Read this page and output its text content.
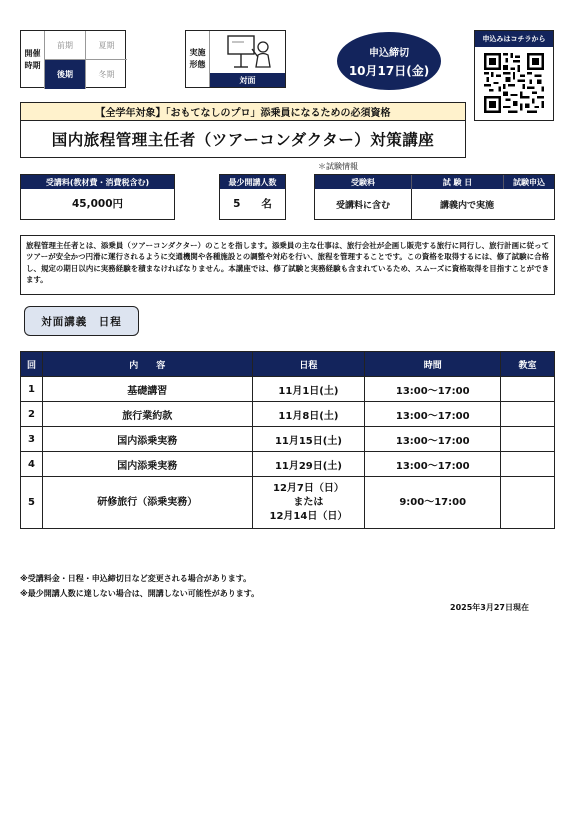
開催時期
前期	夏期
後期	冬期
実施形態
対面
申込締切
10月17日(金)
申込みはコチラから
【全学年対象】「おもてなしのプロ」添乗員になるための必須資格
国内旅程管理主任者（ツアーコンダクター）対策講座
＊試験情報
受講料(教材費・消費税含む)
45,000円
最少開講人数
5　　名
受験料	試 験 日	試験申込
受講料に含む	講義内で実施
旅程管理主任者とは、添乗員（ツアーコンダクター）のことを指します。添乗員の主な仕事は、旅行会社が企画し販売する旅行に同行し、旅行計画に従ってツアーが安全かつ円滑に運行されるように交通機関や各種施設との調整や対応を行い、旅程を管理することです。この資格を取得するには、修了試験に合格し、規定の期日以内に実務経験を積まなければなりません。本講座では、修了試験と実務経験も含まれているため、スムーズに資格取得を目指すことができます。
対面講義　日程
回	内　　容	日程	時間	教室
1	基礎講習	11月1日(土)	13:00～17:00	
2	旅行業約款	11月8日(土)	13:00～17:00	
3	国内添乗実務	11月15日(土)	13:00～17:00	
4	国内添乗実務	11月29日(土)	13:00～17:00	
5	研修旅行（添乗実務）	12月7日（日）
または
12月14日（日）	9:00～17:00	
※受講料金・日程・申込締切日など変更される場合があります。
※最少開講人数に達しない場合は、開講しない可能性があります。
2025年3月27日現在
